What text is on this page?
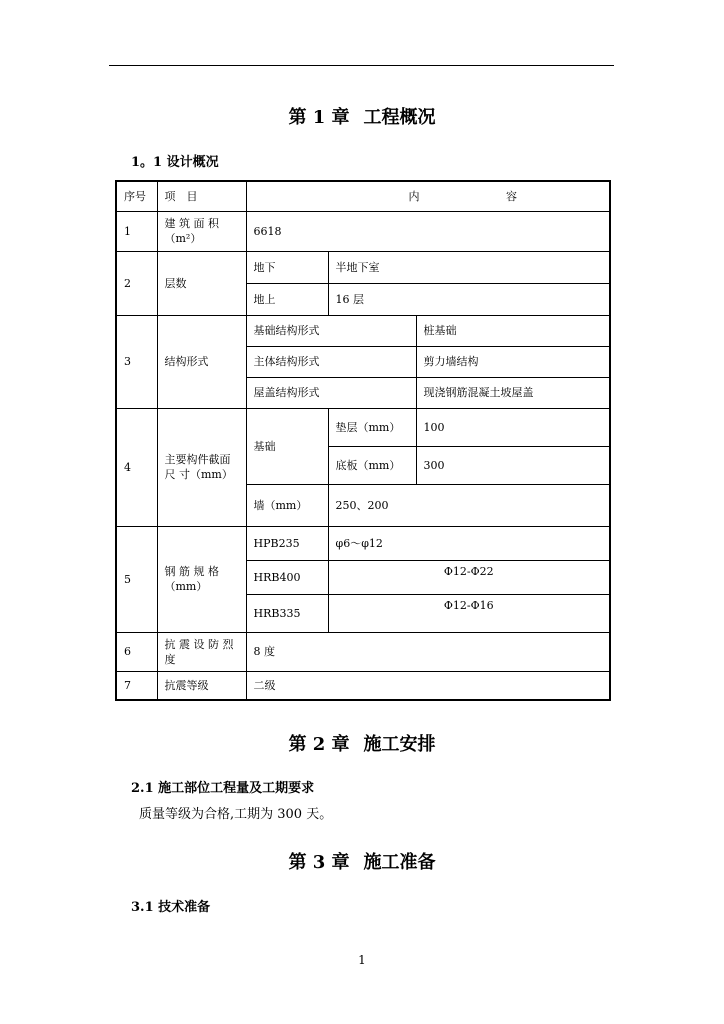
第 1 章 工程概况
1。1 设计概况
序号	项　目	内 容		

1	建 筑 面 积（m²）	6618		
2	层数	地下	半地下室	
		地上	16 层	
3	结构形式	基础结构形式		桩基础
		主体结构形式		剪力墙结构
		屋盖结构形式		现浇钢筋混凝土坡屋盖
4	主要构件截面 尺 寸（mm）	基础	垫层（mm）	100
			底板（mm）	300
		墙（mm）	250、200	
5	钢 筋 规 格（mm）	HPB235	φ6～φ12	
		HRB400	Φ12-Φ22	
		HRB335	Φ12-Φ16	
6	抗 震 设 防 烈 度	8 度		
7	抗震等级	二级		
第 2 章 施工安排
2.1 施工部位工程量及工期要求
质量等级为合格,工期为 300 天。
第 3 章 施工准备
3.1 技术准备
1
